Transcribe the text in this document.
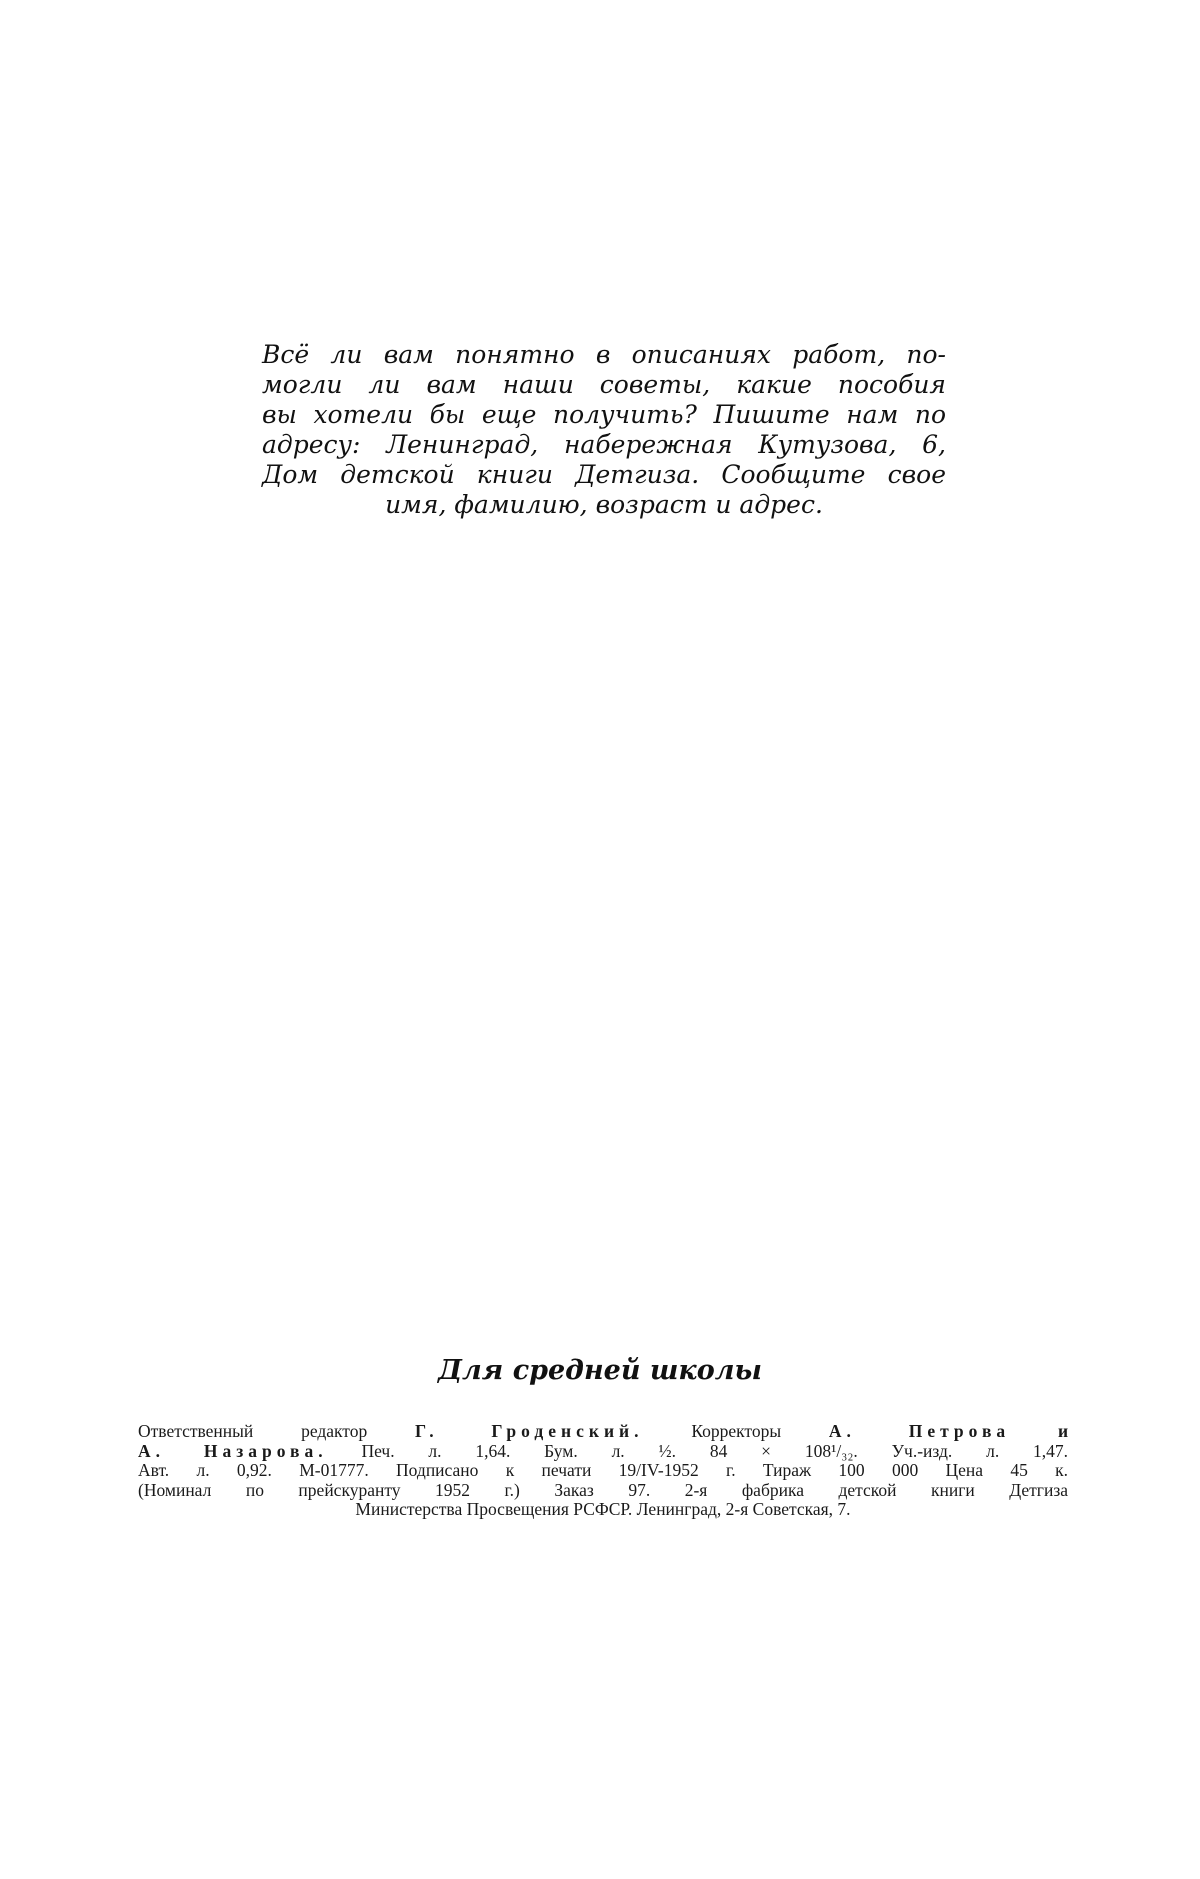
Всё ли вам понятно в описаниях работ, по-
могли ли вам наши советы, какие пособия
вы хотели бы еще получить? Пишите нам по
адресу: Ленинград, набережная Кутузова, 6,
Дом детской книги Детгиза. Сообщите свое
имя, фамилию, возраст и адрес.
Для средней школы
Ответственный редактор	Г. Гроденский.	Корректоры	А. Петрова	и
А. Назарова. Печ. л. 1,64. Бум. л. ½. 84 × 108¹/₃₂. Уч.-изд. л. 1,47.
Авт. л. 0,92. М-01777. Подписано к печати 19/IV-1952 г. Тираж 100 000 Цена 45 к.
(Номинал по прейскуранту 1952 г.) Заказ 97. 2-я фабрика детской книги Детгиза
Министерства Просвещения РСФСР. Ленинград, 2-я Советская, 7.
